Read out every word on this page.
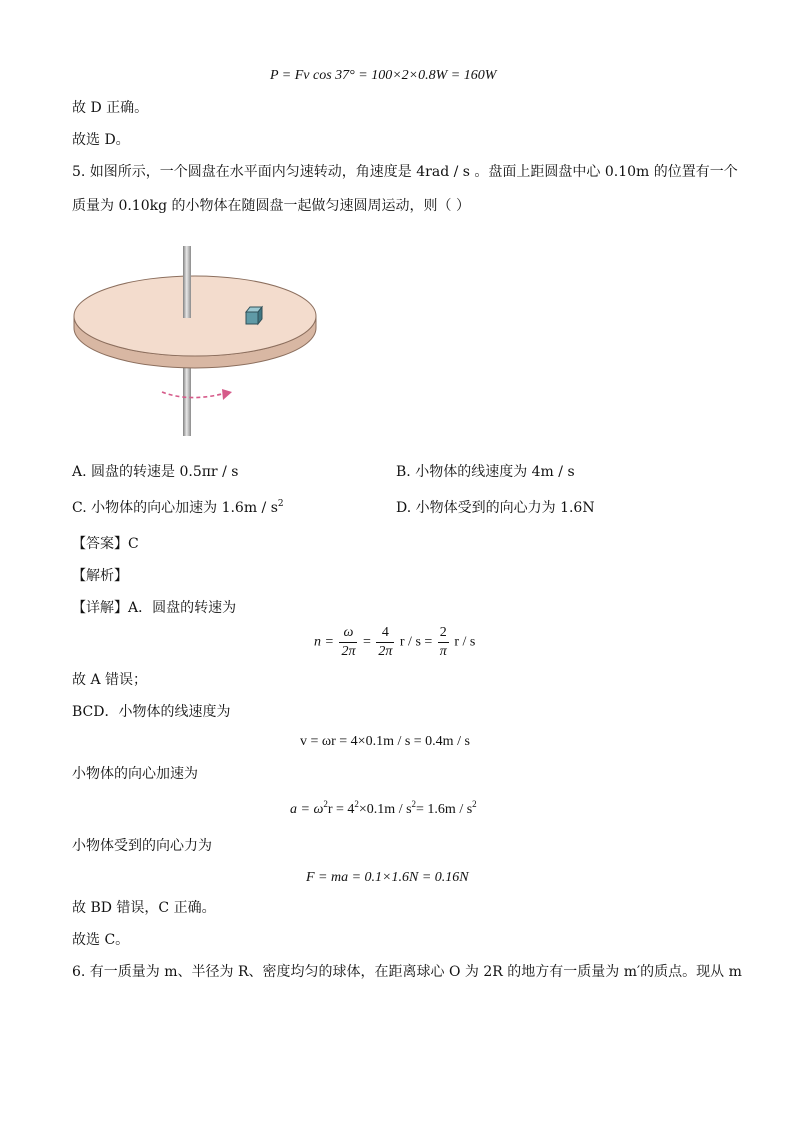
P = Fv cos 37° = 100×2×0.8W = 160W
故 D 正确。
故选 D。
5. 如图所示，一个圆盘在水平面内匀速转动，角速度是 4rad / s 。盘面上距圆盘中心 0.10m 的位置有一个
质量为 0.10kg 的小物体在随圆盘一起做匀速圆周运动，则（ ）
A. 圆盘的转速是 0.5πr / s	B. 小物体的线速度为 4m / s
C. 小物体的向心加速为 $1.6m / s^2$	D. 小物体受到的向心力为 1.6N
【答案】C
【解析】
【详解】A．圆盘的转速为
$n = \frac{\omega}{2\pi} = \frac{4}{2\pi}$ $r / s = \frac{2}{\pi}$ r / s
故 A 错误；
BCD．小物体的线速度为
v = ωr = 4×0.1m / s = 0.4m / s
小物体的向心加速为
$a = \omega^2r = 4^2\times 0.1m / s^2= 1.6m / s^2$
小物体受到的向心力为
F = ma = 0.1×1.6N = 0.16N
故 BD 错误，C 正确。
故选 C。
6. 有一质量为 m、半径为 R、密度均匀的球体，在距离球心 O 为 2R 的地方有一质量为 m′的质点。现从 m
